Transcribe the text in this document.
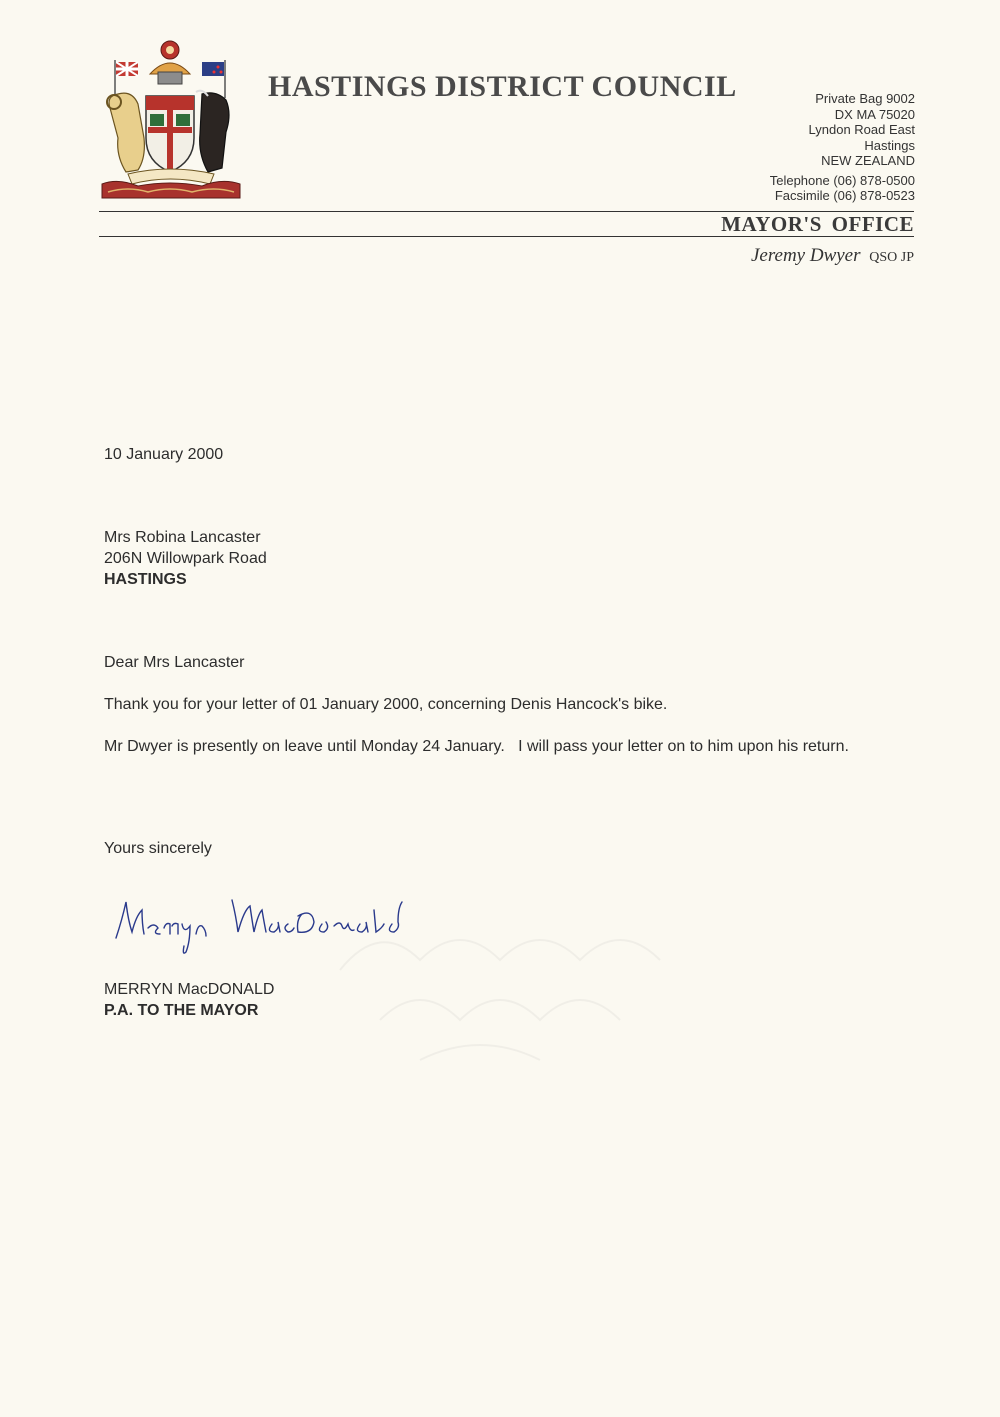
HASTINGS DISTRICT COUNCIL	Private Bag 9002
DX MA 75020
Lyndon Road East
Hastings
NEW ZEALAND
Telephone (06) 878-0500
Facsimile (06) 878-0523
MAYOR'S OFFICE
Jeremy Dwyer QSO JP
10 January 2000
Mrs Robina Lancaster
206N Willowpark Road
HASTINGS
Dear Mrs Lancaster
Thank you for your letter of 01 January 2000, concerning Denis Hancock's bike.
Mr Dwyer is presently on leave until Monday 24 January.   I will pass your letter on to him upon his return.
Yours sincerely
MERRYN MacDONALD
P.A. TO THE MAYOR
